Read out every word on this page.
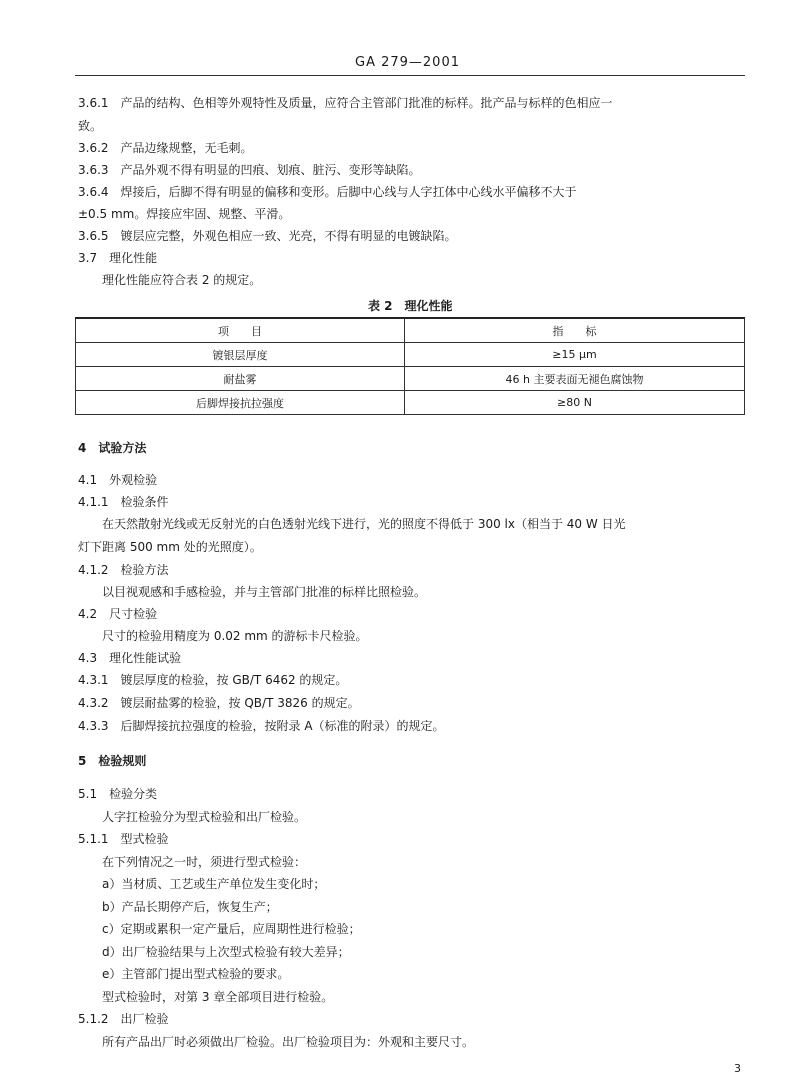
GA 279—2001
3.6.1　产品的结构、色相等外观特性及质量，应符合主管部门批准的标样。批产品与标样的色相应一
致。
3.6.2　产品边缘规整，无毛刺。
3.6.3　产品外观不得有明显的凹痕、划痕、脏污、变形等缺陷。
3.6.4　焊接后，后脚不得有明显的偏移和变形。后脚中心线与人字扛体中心线水平偏移不大于
±0.5 mm。焊接应牢固、规整、平滑。
3.6.5　镀层应完整，外观色相应一致、光亮，不得有明显的电镀缺陷。
3.7　理化性能
　　理化性能应符合表 2 的规定。
表 2　理化性能
项　　目	指　　标
镀银层厚度	≥15 μm
耐盐雾	46 h 主要表面无褪色腐蚀物
后脚焊接抗拉强度	≥80 N
4　试验方法
4.1　外观检验
4.1.1　检验条件
　　在天然散射光线或无反射光的白色透射光线下进行，光的照度不得低于 300 lx（相当于 40 W 日光
灯下距离 500 mm 处的光照度）。
4.1.2　检验方法
　　以目视观感和手感检验，并与主管部门批准的标样比照检验。
4.2　尺寸检验
　　尺寸的检验用精度为 0.02 mm 的游标卡尺检验。
4.3　理化性能试验
4.3.1　镀层厚度的检验，按 GB/T 6462 的规定。
4.3.2　镀层耐盐雾的检验，按 QB/T 3826 的规定。
4.3.3　后脚焊接抗拉强度的检验，按附录 A（标准的附录）的规定。
5　检验规则
5.1　检验分类
　　人字扛检验分为型式检验和出厂检验。
5.1.1　型式检验
　　在下列情况之一时，须进行型式检验：
　　a）当材质、工艺或生产单位发生变化时；
　　b）产品长期停产后，恢复生产；
　　c）定期或累积一定产量后，应周期性进行检验；
　　d）出厂检验结果与上次型式检验有较大差异；
　　e）主管部门提出型式检验的要求。
　　型式检验时，对第 3 章全部项目进行检验。
5.1.2　出厂检验
　　所有产品出厂时必须做出厂检验。出厂检验项目为：外观和主要尺寸。
3
